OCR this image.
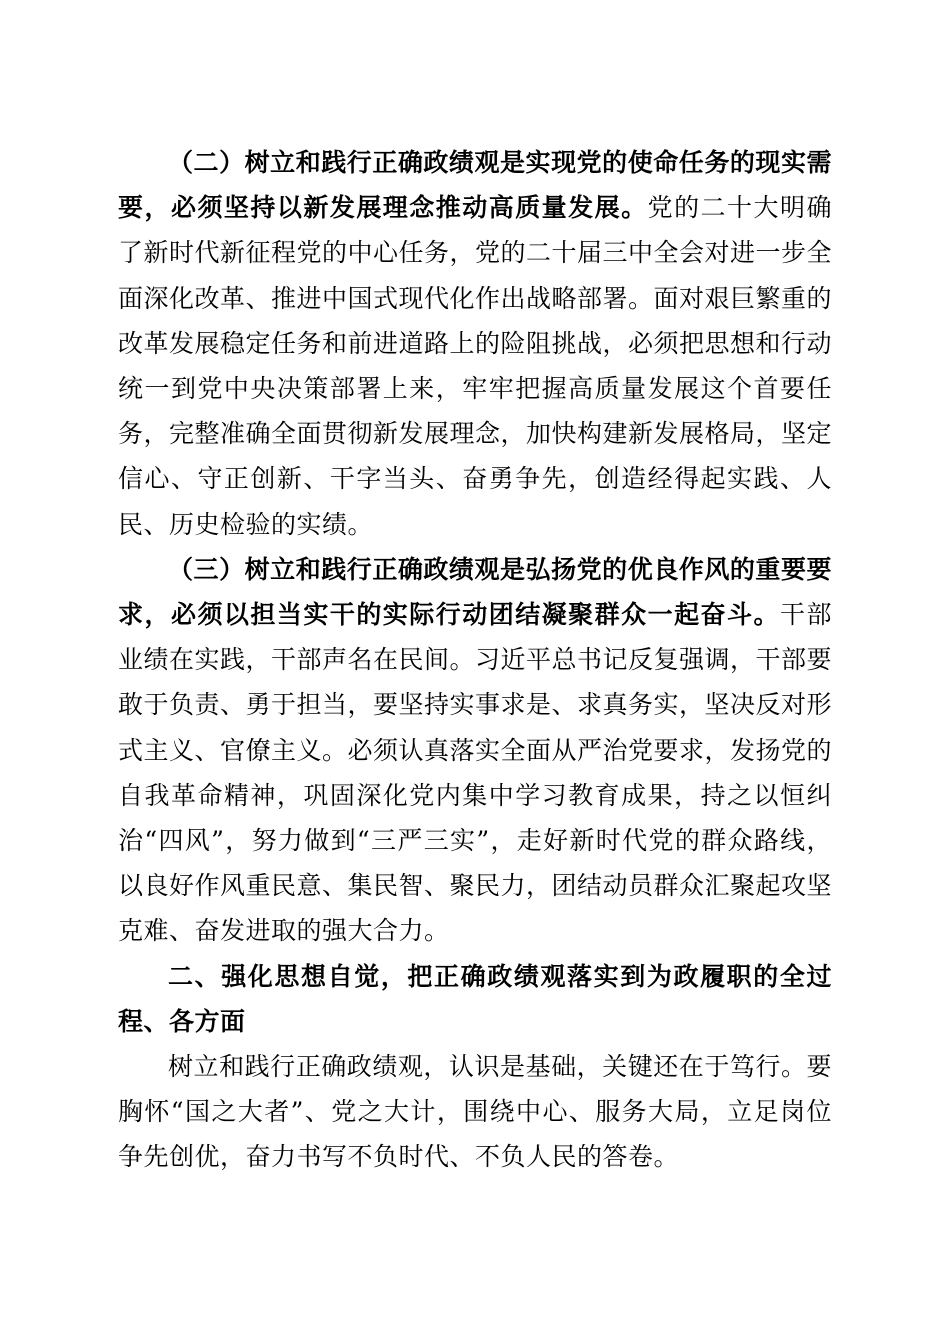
（二）树立和践行正确政绩观是实现党的使命任务的现实需要，必须坚持以新发展理念推动高质量发展。党的二十大明确了新时代新征程党的中心任务，党的二十届三中全会对进一步全面深化改革、推进中国式现代化作出战略部署。面对艰巨繁重的改革发展稳定任务和前进道路上的险阻挑战，必须把思想和行动统一到党中央决策部署上来，牢牢把握高质量发展这个首要任务，完整准确全面贯彻新发展理念，加快构建新发展格局，坚定信心、守正创新、干字当头、奋勇争先，创造经得起实践、人民、历史检验的实绩。

（三）树立和践行正确政绩观是弘扬党的优良作风的重要要求，必须以担当实干的实际行动团结凝聚群众一起奋斗。干部业绩在实践，干部声名在民间。习近平总书记反复强调，干部要敢于负责、勇于担当，要坚持实事求是、求真务实，坚决反对形式主义、官僚主义。必须认真落实全面从严治党要求，发扬党的自我革命精神，巩固深化党内集中学习教育成果，持之以恒纠治“四风”，努力做到“三严三实”，走好新时代党的群众路线，以良好作风重民意、集民智、聚民力，团结动员群众汇聚起攻坚克难、奋发进取的强大合力。

二、强化思想自觉，把正确政绩观落实到为政履职的全过程、各方面

树立和践行正确政绩观，认识是基础，关键还在于笃行。要胸怀“国之大者”、党之大计，围绕中心、服务大局，立足岗位争先创优，奋力书写不负时代、不负人民的答卷。
